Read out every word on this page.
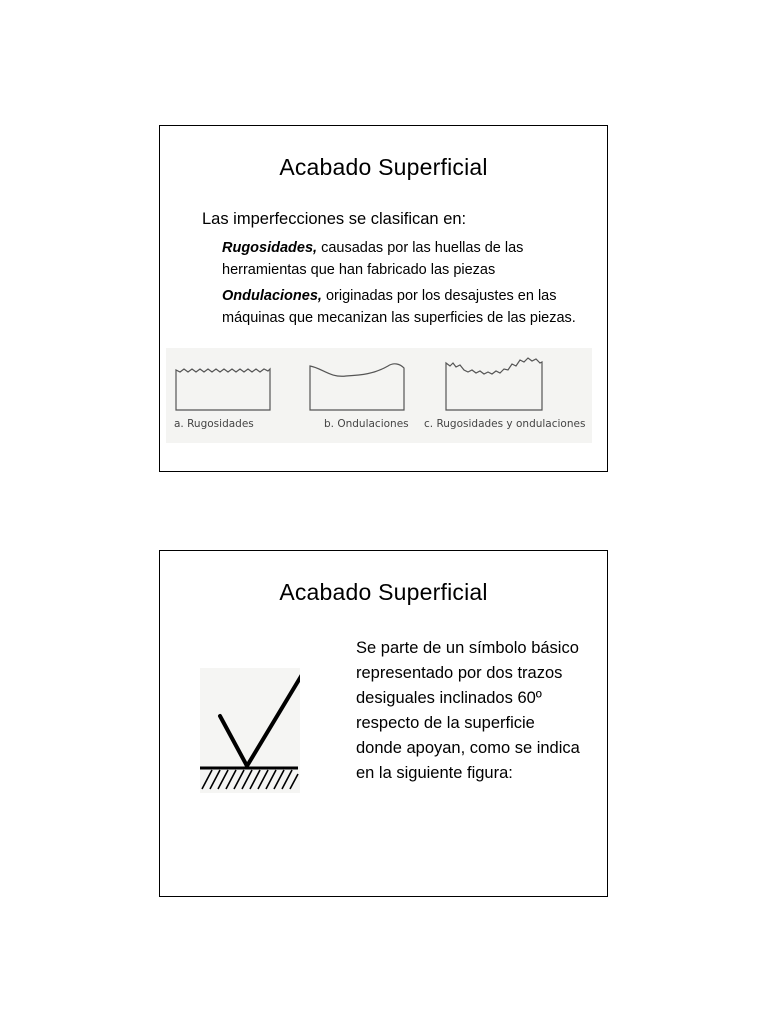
Acabado Superficial
Las imperfecciones se clasifican en:
Rugosidades, causadas por las huellas de las herramientas que han fabricado las piezas
Ondulaciones, originadas por los desajustes en las máquinas que mecanizan las superficies de las piezas.
a. Rugosidades	b. Ondulaciones c. Rugosidades y ondulaciones
Acabado Superficial
Se parte de un símbolo básico representado por dos trazos desiguales inclinados 60º respecto de la superficie donde apoyan, como se indica en la siguiente figura:
